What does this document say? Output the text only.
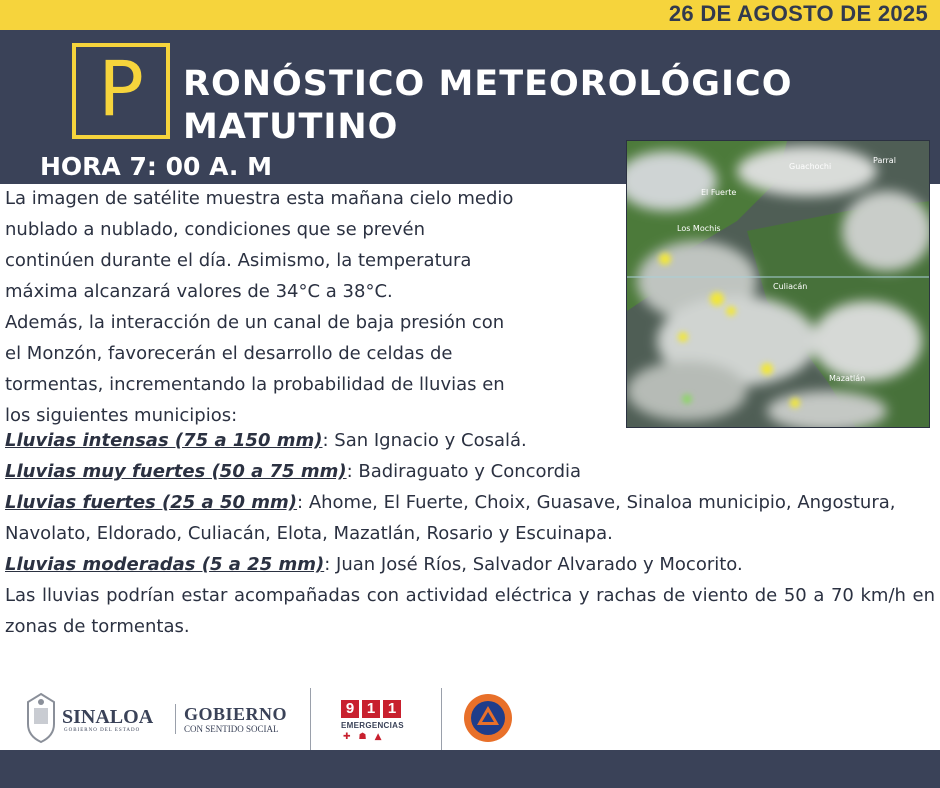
26 DE AGOSTO DE 2025
P	RONÓSTICO METEOROLÓGICO
MATUTINO
HORA 7: 00 A. M	Guachochi
Parral
El Fuerte
Los Mochis
Culiacán
Mazatlán
La imagen de satélite muestra esta mañana cielo medio
nublado a nublado, condiciones que se prevén
continúen durante el día. Asimismo, la temperatura
máxima alcanzará valores de 34°C a 38°C.
Además, la interacción de un canal de baja presión con
el Monzón, favorecerán el desarrollo de celdas de
tormentas, incrementando la probabilidad de lluvias en
los siguientes municipios:
Lluvias intensas (75 a 150 mm): San Ignacio y Cosalá.
Lluvias muy fuertes (50 a 75 mm): Badiraguato y Concordia
Lluvias fuertes (25 a 50 mm): Ahome, El Fuerte, Choix, Guasave, Sinaloa municipio, Angostura, Navolato, Eldorado, Culiacán, Elota, Mazatlán, Rosario y Escuinapa.
Lluvias moderadas (5 a 25 mm): Juan José Ríos, Salvador Alvarado y Mocorito.
Las lluvias podrían estar acompañadas con actividad eléctrica y rachas de viento de 50 a 70 km/h en zonas de tormentas.
SINALOA
GOBIERNO DEL ESTADO
GOBIERNO
CON SENTIDO SOCIAL
9 1 1
EMERGENCIAS
✚☗▲
